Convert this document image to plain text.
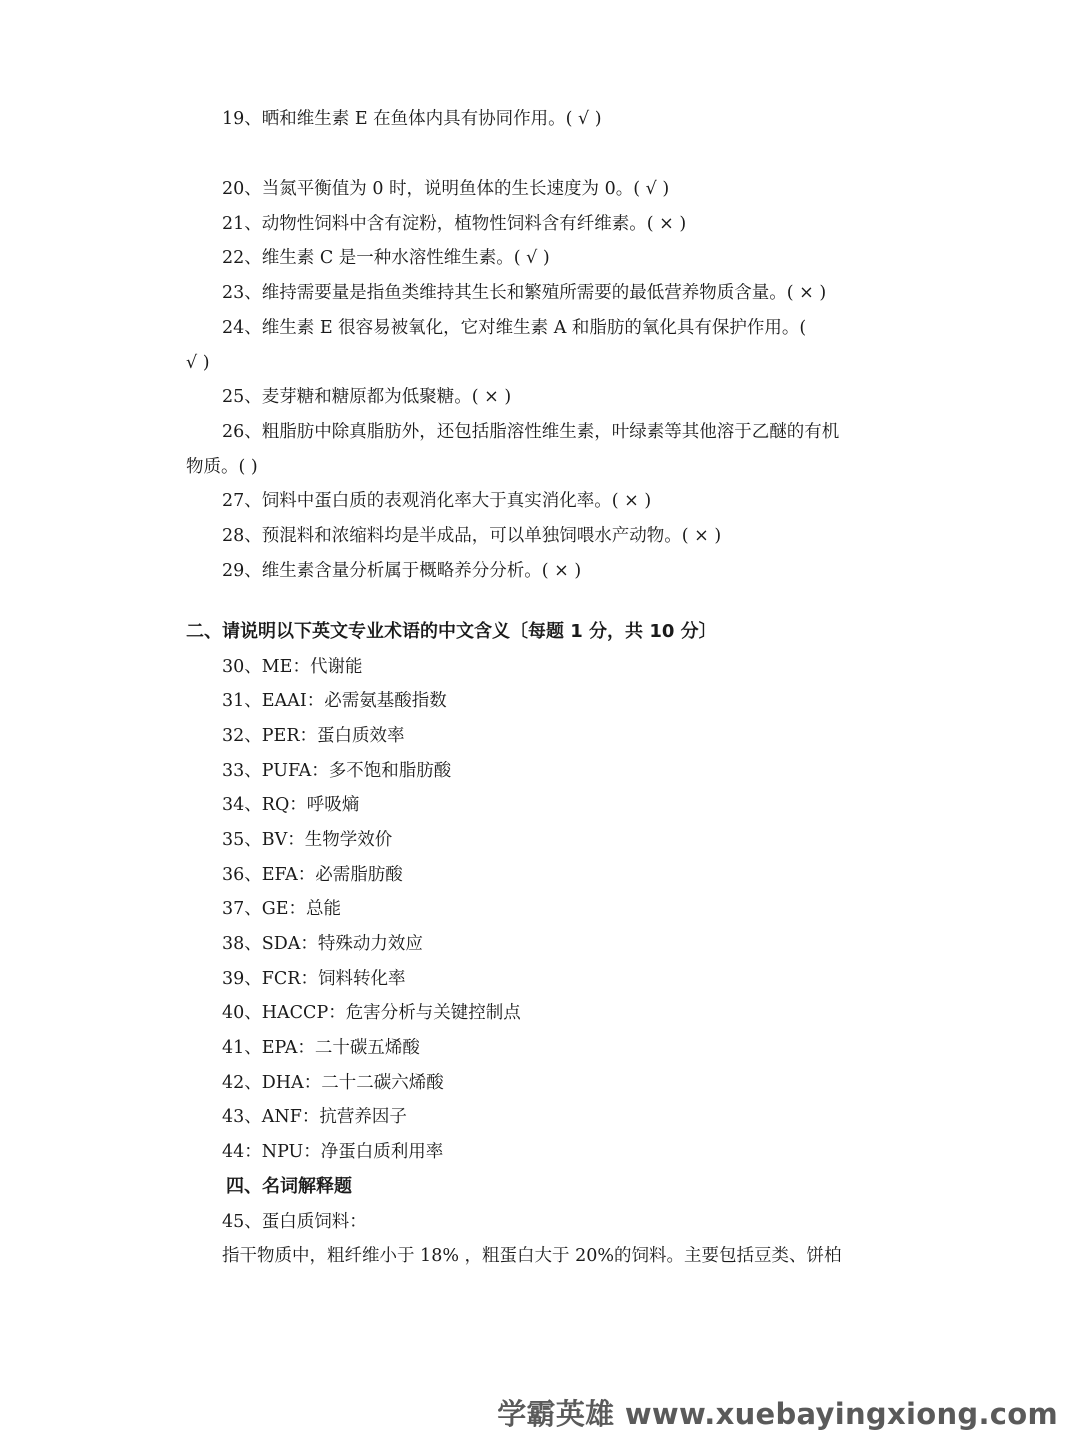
19、晒和维生素 E 在鱼体内具有协同作用。( √ )
20、当氮平衡值为 0 时，说明鱼体的生长速度为 0。( √ )
21、动物性饲料中含有淀粉，植物性饲料含有纤维素。( × )
22、维生素 C 是一种水溶性维生素。( √ )
23、维持需要量是指鱼类维持其生长和繁殖所需要的最低营养物质含量。( × )
24、维生素 E 很容易被氧化，它对维生素 A 和脂肪的氧化具有保护作用。(
√ )
25、麦芽糖和糖原都为低聚糖。( × )
26、粗脂肪中除真脂肪外，还包括脂溶性维生素，叶绿素等其他溶于乙醚的有机
物质。( )
27、饲料中蛋白质的表观消化率大于真实消化率。( × )
28、预混料和浓缩料均是半成品，可以单独饲喂水产动物。( × )
29、维生素含量分析属于概略养分分析。( × )
二、请说明以下英文专业术语的中文含义〔每题 1 分，共 10 分〕
30、ME：代谢能
31、EAAI：必需氨基酸指数
32、PER：蛋白质效率
33、PUFA：多不饱和脂肪酸
34、RQ：呼吸熵
35、BV：生物学效价
36、EFA：必需脂肪酸
37、GE：总能
38、SDA：特殊动力效应
39、FCR：饲料转化率
40、HACCP：危害分析与关键控制点
41、EPA：二十碳五烯酸
42、DHA：二十二碳六烯酸
43、ANF：抗营养因子
44：NPU：净蛋白质利用率
四、名词解释题
45、蛋白质饲料：
指干物质中，粗纤维小于 18% ，粗蛋白大于 20%的饲料。主要包括豆类、饼柏
学霸英雄 www.xuebayingxiong.com
